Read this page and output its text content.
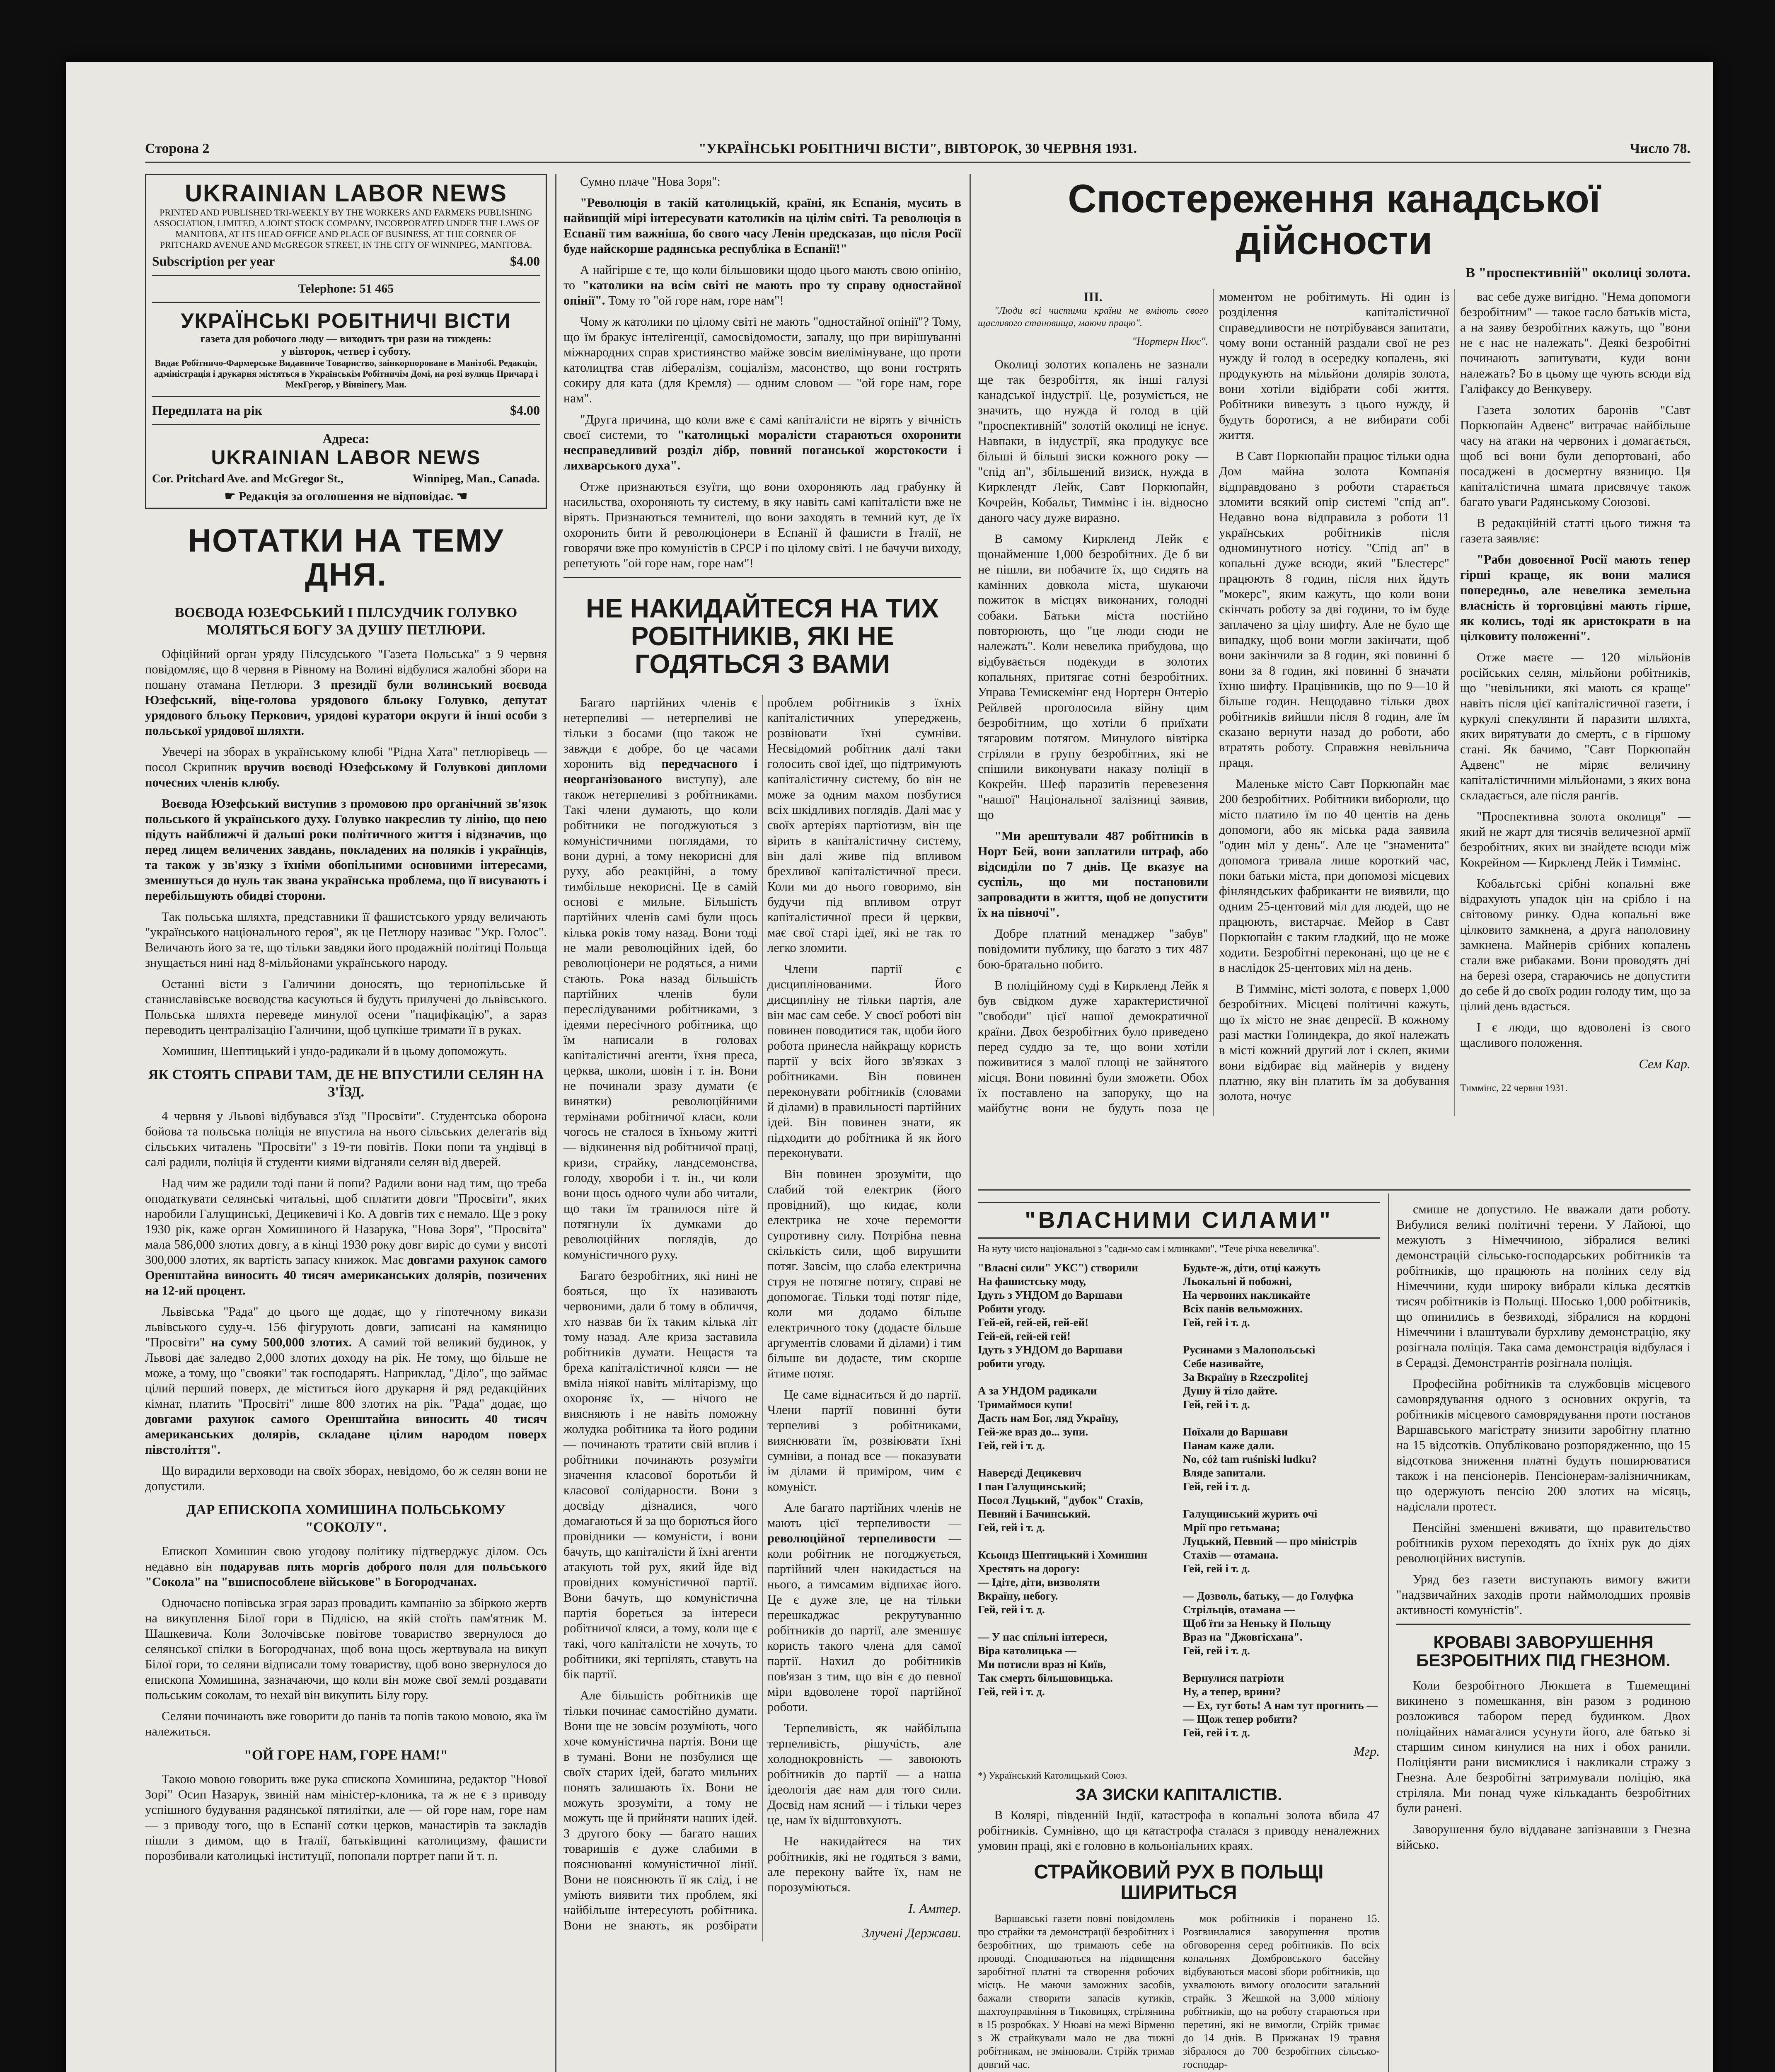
Сторона 2	"УКРАЇНСЬКІ РОБІТНИЧІ ВІСТИ", ВІВТОРОК, 30 ЧЕРВНЯ 1931.	Число 78.
UKRAINIAN LABOR NEWS
PRINTED AND PUBLISHED TRI-WEEKLY BY THE WORKERS AND FARMERS PUBLISHING ASSOCIATION, LIMITED, A JOINT STOCK COMPANY, INCORPORATED UNDER THE LAWS OF MANITOBA, AT ITS HEAD OFFICE AND PLACE OF BUSINESS, AT THE CORNER OF PRITCHARD AVENUE AND McGREGOR STREET, IN THE CITY OF WINNIPEG, MANITOBA.
Subscription per year	$4.00
Telephone: 51 465
УКРАЇНСЬКІ РОБІТНИЧІ ВІСТИ
газета для робочого люду — виходить три рази на тиждень:
у вівторок, четвер і суботу.
Видає Робітничо-Фармерське Видавниче Товариство, заінкорпороване в Манітобі. Редакція, адміністрація і друкарня містяться в Українськім Робітничім Домі, на розі вулиць Причард і МекГрегор, у Вінніпегу, Ман.
Передплата на рік	$4.00
Адреса:
UKRAINIAN LABOR NEWS
Cor. Pritchard Ave. and McGregor St.,	Winnipeg, Man., Canada.
☛ Редакція за оголошення не відповідає. ☚
НОТАТКИ НА ТЕМУ ДНЯ.
ВОЄВОДА ЮЗЕФСЬКИЙ І ПІЛСУДЧИК ГОЛУВКО МОЛЯТЬСЯ БОГУ ЗА ДУШУ ПЕТЛЮРИ.

Офіційний орган уряду Пілсудського "Газета Польська" з 9 червня повідомляє, що 8 червня в Рівному на Волині відбулися жалобні збори на пошану отамана Петлюри. З президії були волинський воєвода Юзефський, віце-голова урядового бльоку Голувко, депутат урядового бльоку Перкович, урядові куратори округи й інші особи з польської урядової шляхти.

Увечері на зборах в українському клюбі "Рідна Хата" петлюрівець — посол Скрипник вручив воєводі Юзефському й Голувкові дипломи почесних членів клюбу.

Воєвода Юзефський виступив з промовою про органічний зв'язок польського й українського духу. Голувко накреслив ту лінію, що нею підуть найближчі й дальші роки політичного життя і відзначив, що перед лицем величених завдань, покладених на поляків і українців, та також у зв'язку з їхніми обопільними основними інтересами, зменшуться до нуль так звана українська проблема, що її висувають і перебільшують обидві сторони.

Так польська шляхта, представники її фашистського уряду величають "українського національного героя", як це Петлюру називає "Укр. Голос". Величають його за те, що тільки завдяки його продажній політиці Польща знущається нині над 8-мільйонами українського народу.

Останні вісти з Галичини доносять, що тернопільське й станиславівське воєводства касуються й будуть прилучені до львівського. Польська шляхта переведе минулої осени "пацифікацію", а зараз переводить централізацію Галичини, щоб цупкіше тримати її в руках.

Хомишин, Шептицький і ундо-радикали й в цьому допоможуть.

ЯК СТОЯТЬ СПРАВИ ТАМ, ДЕ НЕ ВПУСТИЛИ СЕЛЯН НА З'ЇЗД.

4 червня у Львові відбувався з'їзд "Просвіти". Студентська оборона бойова та польська поліція не впустила на нього сільських делегатів від сільських читалень "Просвіти" з 19-ти повітів. Поки попи та ундівці в салі радили, поліція й студенти киями відганяли селян від дверей.

Над чим же радили тоді пани й попи? Радили вони над тим, що треба оподаткувати селянські читальні, щоб сплатити довги "Просвіти", яких наробили Галущинські, Децикевичі і Ко. А довгів тих є немало. Ще з року 1930 рік, каже орган Хомишиного й Назарука, "Нова Зоря", "Просвіта" мала 586,000 злотих довгу, а в кінці 1930 року довг виріс до суми у висоті 300,000 злотих, як вартість запасу книжок. Має довгами рахунок самого Оренштайна виносить 40 тисяч американських долярів, позичених на 12-ий процент.

Львівська "Рада" до цього ще додає, що у гіпотечному викази львівського суду-ч. 156 фігурують довги, записані на камяницю "Просвіти" на суму 500,000 злотих. А самий той великий будинок, у Львові дає заледво 2,000 злотих доходу на рік. Не тому, що більше не може, а тому, що "свояки" так господарять. Наприклад, "Діло", що займає цілий перший поверх, де міститься його друкарня й ряд редакційних кімнат, платить "Просвіті" лише 800 злотих на рік. "Рада" додає, що довгами рахунок самого Оренштайна виносить 40 тисяч американських долярів, складане цілим народом поверх півстоліття".

Що вирадили верховоди на своїх зборах, невідомо, бо ж селян вони не допустили.

ДАР ЕПИСКОПА ХОМИШИНА ПОЛЬСЬКОМУ "СОКОЛУ".

Епископ Хомишин свою угодову політику підтверджує ділом. Ось недавно він подарував пять моргів доброго поля для польського "Сокола" на "вшиспособлене військове" в Богородчанах.

Одночасно попівська зграя зараз провадить кампанію за збіркою жертв на викуплення Білої гори в Підлісю, на якій стоїть пам'ятник М. Шашкевича. Коли Золочівське повітове товариство звернулося до селянської спілки в Богородчанах, щоб вона щось жертвувала на викуп Білої гори, то селяни відписали тому товариству, щоб воно звернулося до епископа Хомишина, зазначаючи, що коли він може свої землі роздавати польським соколам, то нехай він викупить Білу гору.

Селяни починають вже говорити до панів та попів такою мовою, яка їм належиться.

"ОЙ ГОРЕ НАМ, ГОРЕ НАМ!"

Такою мовою говорить вже рука єпископа Хомишина, редактор "Нової Зорі" Осип Назарук, звиній нам міністер-клоника, та ж не є з приводу успішного будування радянської пятилітки, але — ой горе нам, горе нам — з приводу того, що в Еспанії сотки церков, манастирів та закладів пішли з димом, що в Італії, батьківщині католицизму, фашисти порозбивали католицькі інституції, попопали портрет папи й т. п.

Сумно плаче "Нова Зоря":

"Революція в такій католицькій, країні, як Еспанія, мусить в найвищій мірі інтересувати католиків на цілім світі. Та революція в Еспанії тим важніша, бо свого часу Ленін предсказав, що після Росії буде найскорше радянська республіка в Еспанії!"

А найгірше є те, що коли більшовики щодо цього мають свою опінію, то "католики на всім світі не мають про ту справу одностайної опінії". Тому то "ой горе нам, горе нам"!

Чому ж католики по цілому світі не мають "одностайної опінії"? Тому, що їм бракує інтелігенції, самосвідомости, запалу, що при вирішуванні міжнародних справ християнство майже зовсім виелімінуване, що проти католицтва став лібералізм, соціалізм, масонство, що вони гострять сокиру для ката (для Кремля) — одним словом — "ой горе нам, горе нам".

"Друга причина, що коли вже є самі капіталісти не вірять у вічність своєї системи, то "католицькі моралісти стараються охоронити несправедливий розділ дібр, повний поганської жорстокости і лихварського духа".

Отже признаються єзуїти, що вони охороняють лад грабунку й насильства, охороняють ту систему, в яку навіть самі капіталісти вже не вірять. Признаються темнителі, що вони заходять в темний кут, де їх охоронить бити й революціонери в Еспанії й фашисти в Італії, не говорячи вже про комуністів в СРСР і по цілому світі. І не бачучи виходу, репетують "ой горе нам, горе нам"!

НЕ НАКИДАЙТЕСЯ НА ТИХ РОБІТНИКІВ, ЯКІ НЕ ГОДЯТЬСЯ З ВАМИ

Багато партійних членів є нетерпеливі — нетерпеливі не тільки з босами (що також не завжди є добре, бо це часами хоронить від передчасного і неорганізованого виступу), але також нетерпеливі з робітниками. Такі члени думають, що коли робітники не погоджуються з комуністичними поглядами, то вони дурні, а тому некорисні для руху, або реакційні, а тому тимбільше некорисні. Це в самій основі є мильне. Більшість партійних членів самі були щось кілька років тому назад. Вони тоді не мали революційних ідей, бо революціонери не родяться, а ними стають. Рока назад більшість партійних членів були переслідуваними робітниками, з ідеями пересічного робітника, що їм написали в головах капіталістичні агенти, їхня преса, церква, школи, шовін і т. ін. Вони не починали зразу думати (є винятки) революційними термінами робітничої класи, коли чогось не сталося в їхньому житті — відкинення від робітничої праці, кризи, страйку, ландсемонства, голоду, хвороби і т. ін., чи коли вони щось одного чули або читали, що таки їм трапилося піте й потягнули їх думками до революційних поглядів, до комуністичного руху.

Багато безробітних, які нині не бояться, що їх називають червоними, дали б тому в обличчя, хто назвав би їх таким кілька літ тому назад. Але криза заставила робітників думати. Нещастя та бреха капіталістичної кляси — не вміла ніякої навіть мілітарізму, що охороняє їх, — нічого не виясняють і не навіть поможну жолудка робітника та його родини — починають тратити свій вплив і робітники починають розуміти значення класової боротьби й класової солідарности. Вони з досвіду дізналися, чого домагаються й за що борються його провідники — комуністи, і вони бачуть, що капіталісти й їхні агенти атакують той рух, який йде від провідних комуністичної партії. Вони бачуть, що комуністична партія бореться за інтереси робітничої кляси, а тому, коли ще є такі, чого капіталісти не хочуть, то робітники, які терпілять, ставуть на бік партії.

Але більшість робітників ще тільки починає самостійно думати. Вони ще не зовсім розуміють, чого хоче комуністична партія. Вони ще в тумані. Вони не позбулися ще своїх старих ідей, багато мильних понять залишають їх. Вони не можуть зрозуміти, а тому не можуть ще й прийняти наших ідей. З другого боку — багато наших товаришів є дуже слабими в пояснюванні комуністичної лінії. Вони не пояснюють її як слід, і не уміють виявити тих проблем, які найбільше інтересують робітника. Вони не знають, як розбірати проблем робітників з їхніх капіталістичних упереджень, розвіювати їхні сумніви. Несвідомий робітник далі таки голосить свої ідеї, що підтримують капіталістичну систему, бо він не може за одним махом позбутися всіх шкідливих поглядів. Далі має у своїх артеріях партіотизм, він ще вірить в капіталістичну систему, він далі живе під впливом брехливої капіталістичної преси. Коли ми до нього говоримо, він будучи під впливом отрут капіталістичної преси й церкви, має свої старі ідеї, які не так то легко зломити.

Члени партії є дисциплінованими. Його дисципліну не тільки партія, але він має сам себе. У своєї роботі він повинен поводитися так, щоби його робота принесла найкращу користь партії у всіх його зв'язках з робітниками. Він повинен переконувати робітників (словами й ділами) в правильності партійних ідей. Він повинен знати, як підходити до робітника й як його переконувати.

Він повинен зрозуміти, що слабий той електрик (його провідний), що кидає, коли електрика не хоче перемогти супротивну силу. Потрібна певна скількість сили, щоб вирушити потяг. Завсім, що слаба електрична струя не потягне потягу, справі не допомогає. Тільки тоді потяг піде, коли ми додамо більше електричного току (додасте більше аргументів словами й ділами) і тим більше ви додасте, тим скорше йтиме потяг.

Це саме віднаситься й до партії. Члени партії повинні бути терпеливі з робітниками, вияснювати їм, розвіювати їхні сумніви, а понад все — показувати ім ділами й приміром, чим є комуніст.

Але багато партійних членів не мають цієї терпеливости — революційної терпеливости — коли робітник не погоджується, партійний член накидається на нього, а тимсамим відпихає його. Це є дуже зле, це на тільки перешкаджає рекрутуванню робітників до партії, але зменшує користь такого члена для самої партії. Нахил до робітників пов'язан з тим, що він є до певної міри вдоволене торої партійної роботи.

Терпеливість, як найбільша терпеливість, рішучість, але холоднокровність — завоюють робітників до партії — а наша ідеологія дає нам для того сили. Досвід нам ясний — і тільки через це, нам їх відштовхують.

Не накидайтеся на тих робітників, які не годяться з вами, але перекону вайте їх, нам не порозуміються.

І. Амтер.

Злучені Держави.

Спостереження канадської дійсности
В "проспективній" околиці золота.
III.

"Люди всі чистими країни не вміють свого щасливого становища, маючи працю".

"Нортерн Нюс".

Околиці золотих копалень не зазнали ще так безробіття, як інші галузі канадської індустрії. Це, розуміється, не значить, що нужда й голод в цій "проспективній" золотій околиці не існує. Навпаки, в індустрії, яка продукує все більші й більші зиски кожного року — "спід ап", збільшений визиск, нужда в Кирклендт Лейк, Савт Поркюпайн, Кочрейн, Кобальт, Тиммінс і ін. відносно даного часу дуже виразно.

В самому Киркленд Лейк є щонайменше 1,000 безробітних. Де б ви не пішли, ви побачите їх, що сидять на камінних довкола міста, шукаючи пожиток в місцях виконаних, голодні собаки. Батьки міста постійно повторюють, що "це люди сюди не належать". Коли невелика прибудова, що відбувається подекуди в золотих копальнях, притягає сотні безробітних. Управа Темискемінг енд Нортерн Онтеріо Рейлвей проголосила війну цим безробітним, що хотіли б приїхати тягаровим потягом. Минулого вівтірка стріляли в групу безробітних, які не спішили виконувати наказу поліції в Кокрейн. Шеф паразитів перевезення "нашої" Національної залізниці заявив, що

"Ми арештували 487 робітників в Норт Бей, вони заплатили штраф, або відсиділи по 7 днів. Це вказує на суспіль, що ми постановили запровадити в життя, щоб не допустити їх на півночі".

Добре платний менаджер "забув" повідомити публику, що багато з тих 487 бою-братально побито.

В поліційному суді в Киркленд Лейк я був свідком дуже характеристичної "свободи" цієї нашої демократичної країни. Двох безробітних було приведено перед суддю за те, що вони хотіли поживитися з малої площі не зайнятого місця. Вони повинні були зможети. Обох їх поставлено на запоруку, що на майбутнє вони не будуть поза це моментом не робітимуть. Ні один із розділення капіталістичної справедливости не потрібувався запитати, чому вони останній раздали свої не рез нужду й голод в осередку копалень, які продукують на мільйони долярів золота, вони хотіли відібрати собі життя. Робітники вивезуть з цього нужду, й будуть боротися, а не вибирати собі життя.

В Савт Поркюпайн працює тільки одна Дом майна золота Компанія відправдовано з роботи старається зломити всякий опір системі "спід ап". Недавно вона відправила з роботи 11 українських робітників після одноминутного нотісу. "Спід ап" в копальні дуже всюди, який "Блестерс" працюють 8 годин, після них йдуть "мокерс", яким кажуть, що коли вони скінчать роботу за дві години, то ім буде заплачено за цілу шифту. Але не було ще випадку, щоб вони могли закінчати, щоб вони закінчили за 8 годин, які повинні б вони за 8 годин, які повинні б значати їхню шифту. Працівників, що по 9—10 й більше годин. Нещодавно тільки двох робітників вийшли після 8 годин, але їм сказано вернути назад до роботи, або втратять роботу. Справжня невільнича праця.

Маленьке місто Савт Поркюпайн має 200 безробітних. Робітники виборюли, що місто платило їм по 40 центів на день допомоги, або як міська рада заявила "один міл у день". Але це "знаменита" допомога тривала лише короткий час, поки батьки міста, при допомозі місцевих фінляндських фабриканти не виявили, що одним 25-центовий міл для людей, що не працюють, вистарчає. Мейор в Савт Поркюпайн є таким гладкий, що не може ходити. Безробітні переконані, що це не є в наслідок 25-центових міл на день.

В Тиммінс, місті золота, є поверх 1,000 безробітних. Місцеві політичні кажуть, що їх місто не знає депресії. В кожному разі мастки Голиндекра, до якої належать в місті кожний другий лот і склеп, якими вони відбирає від майнерів у видену платню, яку він платить їм за добування золота, ночує

вас себе дуже вигідно. "Нема допомоги безробітним" — такое гасло батьків міста, а на заяву безробітних кажуть, що "вони не є нас не належать". Деякі безробітні починають запитувати, куди вони належать? Бо в цьому ще чують всюди від Галіфаксу до Венкуверу.

Газета золотих баронів "Савт Поркюпайн Адвенс" витрачає найбільше часу на атаки на червоних і домагається, щоб всі вони були депортовані, або посаджені в досмертну вязницю. Ця капіталістична шмата присвячує також багато уваги Радянському Союзові.

В редакційній статті цього тижня та газета заявляє:

"Раби довоєнної Росії мають тепер гірші краще, як вони малися попередньо, але невелика земельна власність й торговцівні мають гірше, як колись, тоді як аристократи в на цілковиту положенні".

Отже маєте — 120 мільйонів російських селян, мільйони робітників, що "невільники, які мають ся краще" навіть після цієї капіталістичної газети, і куркулі спекулянти й паразити шляхта, яких вирятувати до смерть, є в гіршому стані. Як бачимо, "Савт Поркюпайн Адвенс" не міряє величину капіталістичними мільйонами, з яких вона складається, але після рангів.

"Проспективна золота околиця" — який не жарт для тисячів величезної армії безробітних, яких ви знайдете всюди між Кокрейном — Киркленд Лейк і Тиммінс.

Кобальтські срібні копальні вже відрахують упадок цін на срібло і на світовому ринку. Одна копальні вже цілковито замкнена, а друга наполовину замкнена. Майнерів срібних копалень стали вже рибаками. Вони проводять дні на березі озера, стараючись не допустити до себе й до своїх родин голоду тим, що за цілий день вдасться.

І є люди, що вдоволені із свого щасливого положення.

Сем Кар.

Тиммінс, 22 червня 1931.

"ВЛАСНИМИ СИЛАМИ"

На нуту чисто національної з "сади-мо сам і млинками", "Тече річка невеличка".

"Власні сили" УКС") створили
На фашистську моду,
Ідуть з УНДОМ до Варшави
Робити угоду.
Гей-ей, гей-ей, гей-ей!
Гей-ей, гей-ей гей!
Ідуть з УНДОМ до Варшави
робити угоду.

А за УНДОМ радикали
Тримаймося купи!
Дасть нам Бог, ляд Україну,
Гей-же враз до... зупи.
Гей, гей і т. д.

Наверєді Децикевич
І пан Галущинський;
Посол Луцький, "дубок" Стахів,
Певний і Бачинський.
Гей, гей і т. д.

Ксьондз Шептицький і Хомишин
Хрестять на дорогу:
— Ідіте, діти, визволяти
Вкраїну, небогу.
Гей, гей і т. д.

— У нас спільні інтереси,
Віра католицька —
Ми потисли враз ні Київ,
Так смерть більшовицька.
Гей, гей і т. д.
Будьте-ж, діти, отці кажуть
Льокальні й побожні,
На червоних накликайте
Всіх панів вельможних.
Гей, гей і т. д.

Русинами з Малопольські
Себе називайте,
За Вкраїну в Rzeczpolitej
Душу й тіло дайте.
Гей, гей і т. д.

Поїхали до Варшави
Панам каже дали.
No, cóż tam ruśniski ludku?
Вляде запитали.
Гей, гей і т. д.

Галущинський журить очі
Мрії про гетьмана;
Луцький, Певний — про міністрів
Стахів — отамана.
Гей, гей і т. д.

— Дозволь, батьку, — до Голуфка
Стрільців, отамана —
Щоб їти за Неньку й Польщу
Враз на "Джовгісхана".
Гей, гей і т. д.

Вернулися патріоти
Ну, а тепер, врини?
— Ех, тут боть! А нам тут прогнить —
— Щож тепер робити?
Гей, гей і т. д.

Мгр.

*) Український Католицький Союз.

смише не допустило. Не вважали дати роботу. Вибулися великі політичні терени. У Лайоюі, що межують з Німеччиною, зібралися великі демонстрацій сільсько-господарських робітників та робітників, що працюють на поліних селу від Німеччини, куди широку вибрали кілька десятків тисяч робітників із Польщі. Шосько 1,000 робітників, що опинились в безвиході, зібралися на кордоні Німеччини і влаштували бурхливу демонстрацію, яку розігнала поліція. Така сама демонстрація відбулася і в Серадзі. Демонстрантів розігнала поліція.

Професійна робітників та службовців місцевого самоврядування одного з основних округів, та робітників місцевого самоврядування проти постанов Варшавського магістрату знизити заробітну платню на 15 відсотків. Опубліковано розпорядженню, що 15 відсоткова зниження платні будуть поширюватися також і на пенсіонерів. Пенсіонерам-залізничникам, що одержують пенсію 200 злотих на місяць, надіслали протест.

Пенсійні зменшені вживати, що правительство робітників рухом переходять до їхніх рук до діях революційних виступів.

Уряд без газети виступають вимогу вжити "надзвичайних заходів проти наймолодших проявів активності комуністів".

КРОВАВІ ЗАВОРУШЕННЯ БЕЗРОБІТНИХ ПІД ГНЕЗНОМ.

Коли безробітного Люкшета в Тшемещині викинено з помешкання, він разом з родиною розложився табором перед будинком. Двох поліцайних намагалися усунути його, але батько зі старшим сином кинулися на них і обох ранили. Поліціянти рани висмиклися і накликали стражу з Гнезна. Але безробітні затримували поліцію, яка стріляла. Ми понад чуже кількаданть безробітних були ранені.

Заворушення було віддаване запізнавши з Гнезна військо.

ЗА ЗИСКИ КАПІТАЛІСТІВ.

В Колярі, південній Індії, катастрофа в копальні золота вбила 47 робітників. Сумнівно, що ця катастрофа сталася з приводу неналежних умовин праці, які є головно в кольоніальних краях.

СТРАЙКОВИЙ РУХ В ПОЛЬЩІ ШИРИТЬСЯ

Варшавські газети повні повідомлень про страйки та демонстрації безробітних і безробітних, що тримають себе на проводі. Сподиваються на підвищення заробітної платні та створення робочих місць. Не маючи заможних засобів, бажали створити запасів кутиків, шахтоуправління в Тиковицях, стрілянина в 15 розробках. У Нюаві на межі Вірменю з Ж страйкували мало не два тижні робітникам, не змінювали. Стрійк тримав довгий час.

мок робітників і поранено 15. Розгвинлалися заворушення против обговорення серед робітників. По всіх копальнях Домбровського басейну відбуваються масові збори робітників, що ухвалюють вимогу оголосити загальний страйк. З Жешкой на 3,000 міліону робітників, що на роботу стараються при перетині, які не вимогли, Стрійк тримає до 14 днів. В Прижанах 19 травня зібралося до 700 безробітних сільсько-господар-
